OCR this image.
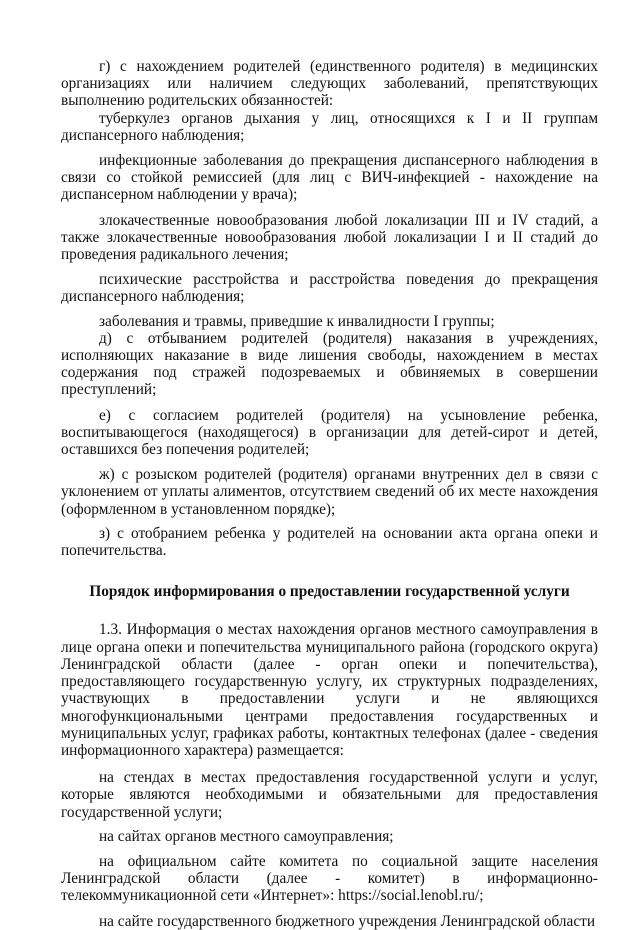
г) с нахождением родителей (единственного родителя) в медицинских организациях или наличием следующих заболеваний, препятствующих выполнению родительских обязанностей:

туберкулез органов дыхания у лиц, относящихся к I и II группам диспансерного наблюдения;

инфекционные заболевания до прекращения диспансерного наблюдения в связи со стойкой ремиссией (для лиц с ВИЧ-инфекцией - нахождение на диспансерном наблюдении у врача);

злокачественные новообразования любой локализации III и IV стадий, а также злокачественные новообразования любой локализации I и II стадий до проведения радикального лечения;

психические расстройства и расстройства поведения до прекращения диспансерного наблюдения;

заболевания и травмы, приведшие к инвалидности I группы;

д) с отбыванием родителей (родителя) наказания в учреждениях, исполняющих наказание в виде лишения свободы, нахождением в местах содержания под стражей подозреваемых и обвиняемых в совершении преступлений;

е) с согласием родителей (родителя) на усыновление ребенка, воспитывающегося (находящегося) в организации для детей-сирот и детей, оставшихся без попечения родителей;

ж) с розыском родителей (родителя) органами внутренних дел в связи с уклонением от уплаты алиментов, отсутствием сведений об их месте нахождения (оформленном в установленном порядке);

з) с отобранием ребенка у родителей на основании акта органа опеки и попечительства.

Порядок информирования о предоставлении государственной услуги

1.3. Информация о местах нахождения органов местного самоуправления в лице органа опеки и попечительства муниципального района (городского округа) Ленинградской области (далее - орган опеки и попечительства), предоставляющего государственную услугу, их структурных подразделениях, участвующих в предоставлении услуги и не являющихся многофункциональными центрами предоставления государственных и муниципальных услуг, графиках работы, контактных телефонах (далее - сведения информационного характера) размещается:

на стендах в местах предоставления государственной услуги и услуг, которые являются необходимыми и обязательными для предоставления государственной услуги;

на сайтах органов местного самоуправления;

на официальном сайте комитета по социальной защите населения Ленинградской области (далее - комитет) в информационно-телекоммуникационной сети «Интернет»: https://social.lenobl.ru/;

на сайте государственного бюджетного учреждения Ленинградской области
